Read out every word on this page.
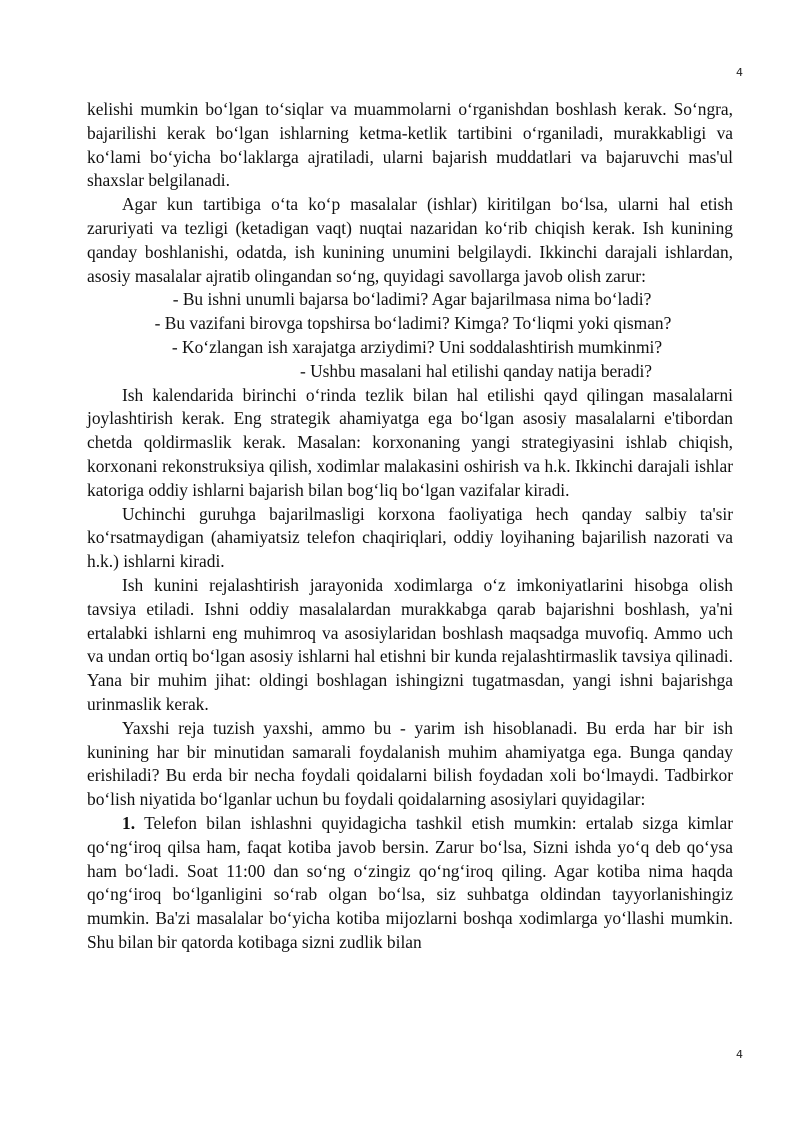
4

kelishi mumkin bo‘lgan to‘siqlar va muammolarni o‘rganishdan boshlash kerak. So‘ngra, bajarilishi kerak bo‘lgan ishlarning ketma-ketlik tartibini o‘rganiladi, murakkabligi va ko‘lami bo‘yicha bo‘laklarga ajratiladi, ularni bajarish muddatlari va bajaruvchi mas'ul shaxslar belgilanadi.

Agar kun tartibiga o‘ta ko‘p masalalar (ishlar) kiritilgan bo‘lsa, ularni hal etish zaruriyati va tezligi (ketadigan vaqt) nuqtai nazaridan ko‘rib chiqish kerak. Ish kunining qanday boshlanishi, odatda, ish kunining unumini belgilaydi. Ikkinchi darajali ishlardan, asosiy masalalar ajratib olingandan so‘ng, quyidagi savollarga javob olish zarur:

- Bu ishni unumli bajarsa bo‘ladimi? Agar bajarilmasa nima bo‘ladi?

- Bu vazifani birovga topshirsa bo‘ladimi? Kimga? To‘liqmi yoki qisman?

- Ko‘zlangan ish xarajatga arziydimi? Uni soddalashtirish mumkinmi?

- Ushbu masalani hal etilishi qanday natija beradi?

Ish kalendarida birinchi o‘rinda tezlik bilan hal etilishi qayd qilingan masalalarni joylashtirish kerak. Eng strategik ahamiyatga ega bo‘lgan asosiy masalalarni e'tibordan chetda qoldirmaslik kerak. Masalan: korxonaning yangi strategiyasini ishlab chiqish, korxonani rekonstruksiya qilish, xodimlar malakasini oshirish va h.k. Ikkinchi darajali ishlar katoriga oddiy ishlarni bajarish bilan bog‘liq bo‘lgan vazifalar kiradi.

Uchinchi guruhga bajarilmasligi korxona faoliyatiga hech qanday salbiy ta'sir ko‘rsatmaydigan (ahamiyatsiz telefon chaqiriqlari, oddiy loyihaning bajarilish nazorati va h.k.) ishlarni kiradi.

Ish kunini rejalashtirish jarayonida xodimlarga o‘z imkoniyatlarini hisobga olish tavsiya etiladi. Ishni oddiy masalalardan murakkabga qarab bajarishni boshlash, ya'ni ertalabki ishlarni eng muhimroq va asosiylaridan boshlash maqsadga muvofiq. Ammo uch va undan ortiq bo‘lgan asosiy ishlarni hal etishni bir kunda rejalashtirmaslik tavsiya qilinadi. Yana bir muhim jihat: oldingi boshlagan ishingizni tugatmasdan, yangi ishni bajarishga urinmaslik kerak.

Yaxshi reja tuzish yaxshi, ammo bu - yarim ish hisoblanadi. Bu erda har bir ish kunining har bir minutidan samarali foydalanish muhim ahamiyatga ega. Bunga qanday erishiladi? Bu erda bir necha foydali qoidalarni bilish foydadan xoli bo‘lmaydi. Tadbirkor bo‘lish niyatida bo‘lganlar uchun bu foydali qoidalarning asosiylari quyidagilar:

1. Telefon bilan ishlashni quyidagicha tashkil etish mumkin: ertalab sizga kimlar qo‘ng‘iroq qilsa ham, faqat kotiba javob bersin. Zarur bo‘lsa, Sizni ishda yo‘q deb qo‘ysa ham bo‘ladi. Soat 11:00 dan so‘ng o‘zingiz qo‘ng‘iroq qiling. Agar kotiba nima haqda qo‘ng‘iroq bo‘lganligini so‘rab olgan bo‘lsa, siz suhbatga oldindan tayyorlanishingiz mumkin. Ba'zi masalalar bo‘yicha kotiba mijozlarni boshqa xodimlarga yo‘llashi mumkin. Shu bilan bir qatorda kotibaga sizni zudlik bilan

4
